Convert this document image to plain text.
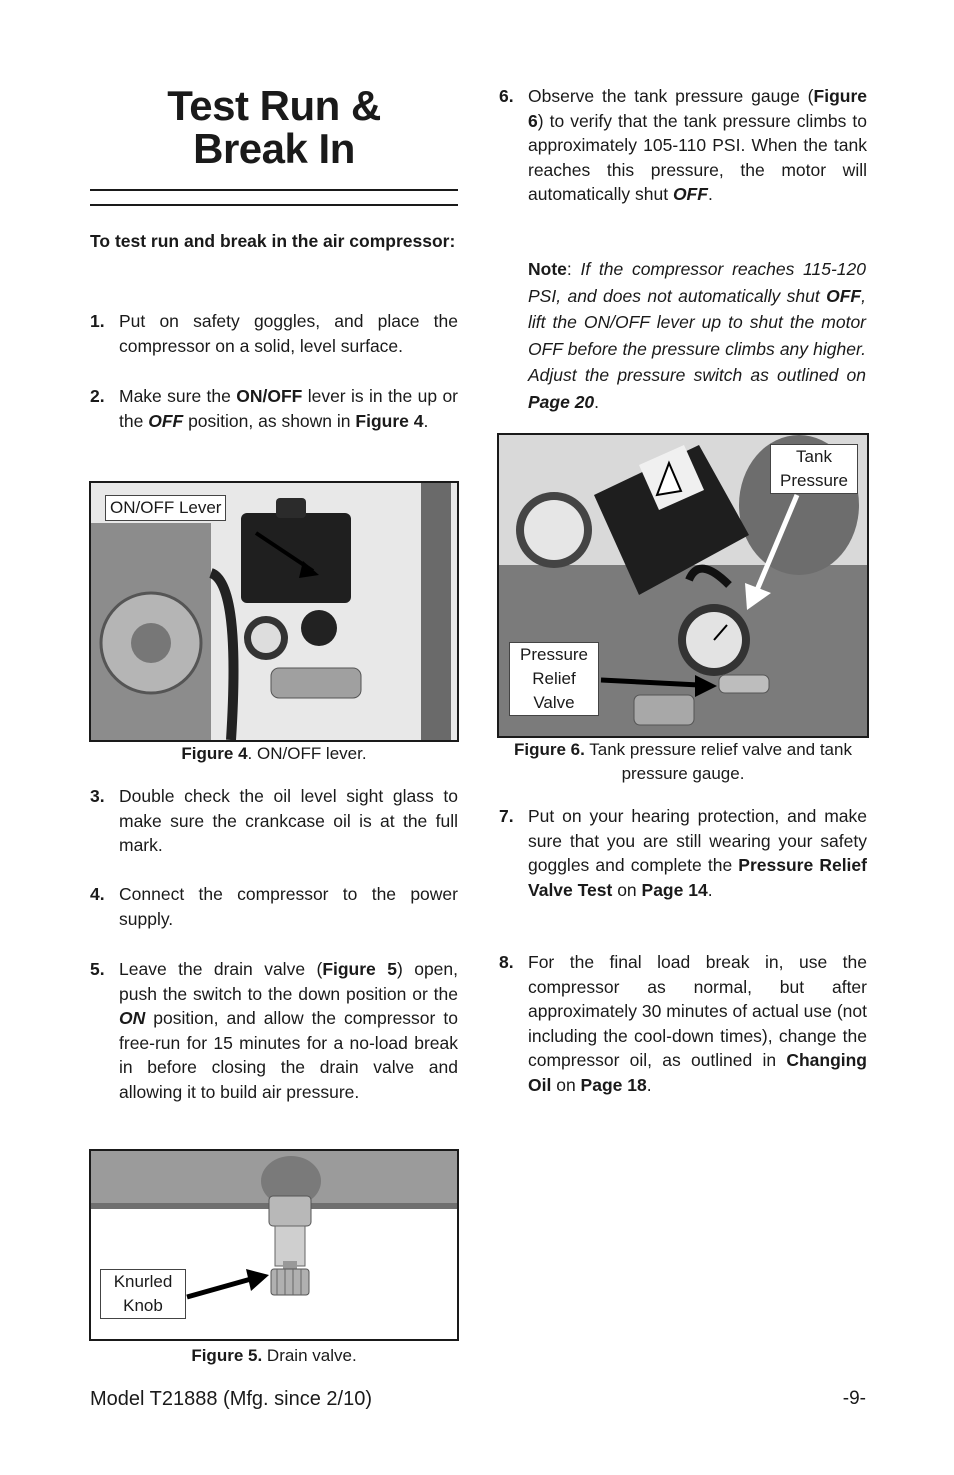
Test Run &
Break In
To test run and break in the air compressor:
1. Put on safety goggles, and place the compressor on a solid, level surface.
2. Make sure the ON/OFF lever is in the up or the OFF position, as shown in Figure 4.
ON/OFF Lever
Figure 4. ON/OFF lever.
3. Double check the oil level sight glass to make sure the crankcase oil is at the full mark.
4. Connect the compressor to the power supply.
5. Leave the drain valve (Figure 5) open, push the switch to the down position or the ON position, and allow the compressor to free-run for 15 minutes for a no-load break in before closing the drain valve and allowing it to build air pressure.
Knurled
Knob
Figure 5. Drain valve.
6. Observe the tank pressure gauge (Figure 6) to verify that the tank pressure climbs to approximately 105-110 PSI. When the tank reaches this pressure, the motor will automatically shut OFF.
Note: If the compressor reaches 115-120 PSI, and does not automatically shut OFF, lift the ON/OFF lever up to shut the motor OFF before the pressure climbs any higher. Adjust the pressure switch as outlined on Page 20.
Tank
Pressure
Pressure
Relief
Valve
Figure 6. Tank pressure relief valve and tank pressure gauge.
7. Put on your hearing protection, and make sure that you are still wearing your safety goggles and complete the Pressure Relief Valve Test on Page 14.
8. For the final load break in, use the compressor as normal, but after approximately 30 minutes of actual use (not including the cool-down times), change the compressor oil, as outlined in Changing Oil on Page 18.
Model T21888 (Mfg. since 2/10)	-9-
